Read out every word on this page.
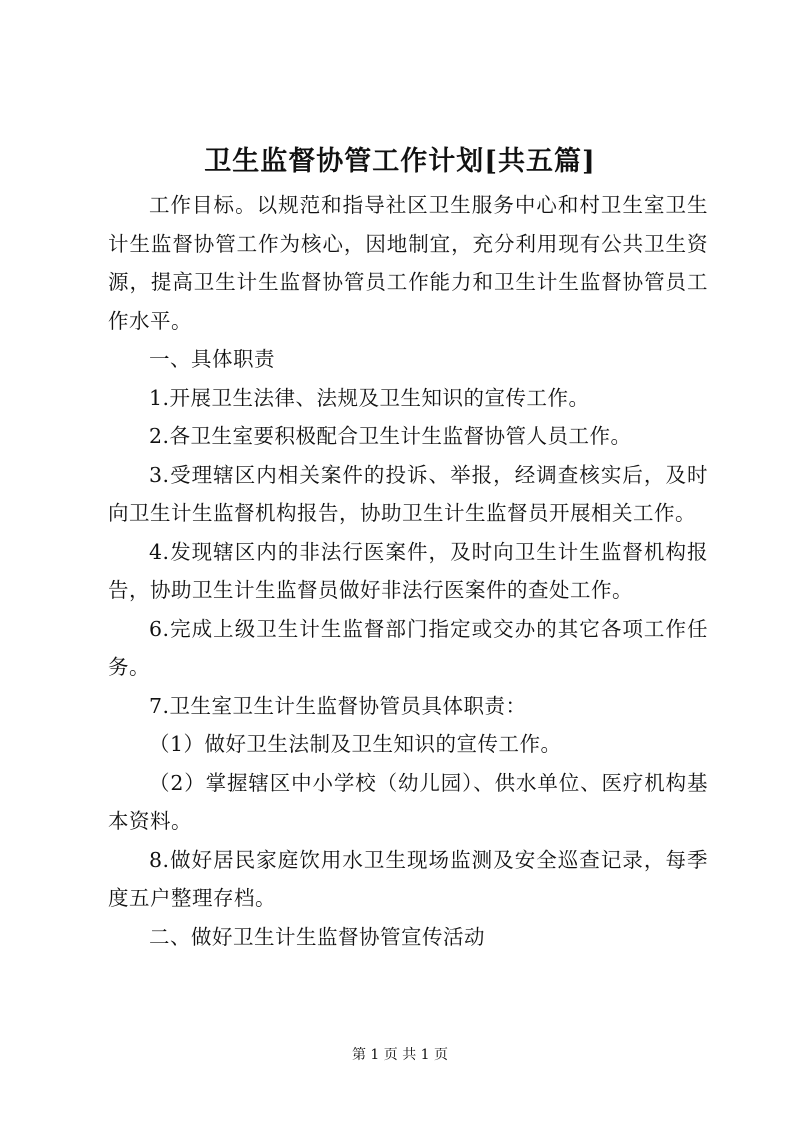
卫生监督协管工作计划[共五篇]

工作目标。以规范和指导社区卫生服务中心和村卫生室卫生计生监督协管工作为核心，因地制宜，充分利用现有公共卫生资源，提高卫生计生监督协管员工作能力和卫生计生监督协管员工作水平。

一、具体职责

1.开展卫生法律、法规及卫生知识的宣传工作。

2.各卫生室要积极配合卫生计生监督协管人员工作。

3.受理辖区内相关案件的投诉、举报，经调查核实后，及时向卫生计生监督机构报告，协助卫生计生监督员开展相关工作。

4.发现辖区内的非法行医案件，及时向卫生计生监督机构报告，协助卫生计生监督员做好非法行医案件的查处工作。

6.完成上级卫生计生监督部门指定或交办的其它各项工作任务。

7.卫生室卫生计生监督协管员具体职责：

（1）做好卫生法制及卫生知识的宣传工作。

（2）掌握辖区中小学校（幼儿园）、供水单位、医疗机构基本资料。

8.做好居民家庭饮用水卫生现场监测及安全巡查记录，每季度五户整理存档。

二、做好卫生计生监督协管宣传活动

第 1 页 共 1 页
